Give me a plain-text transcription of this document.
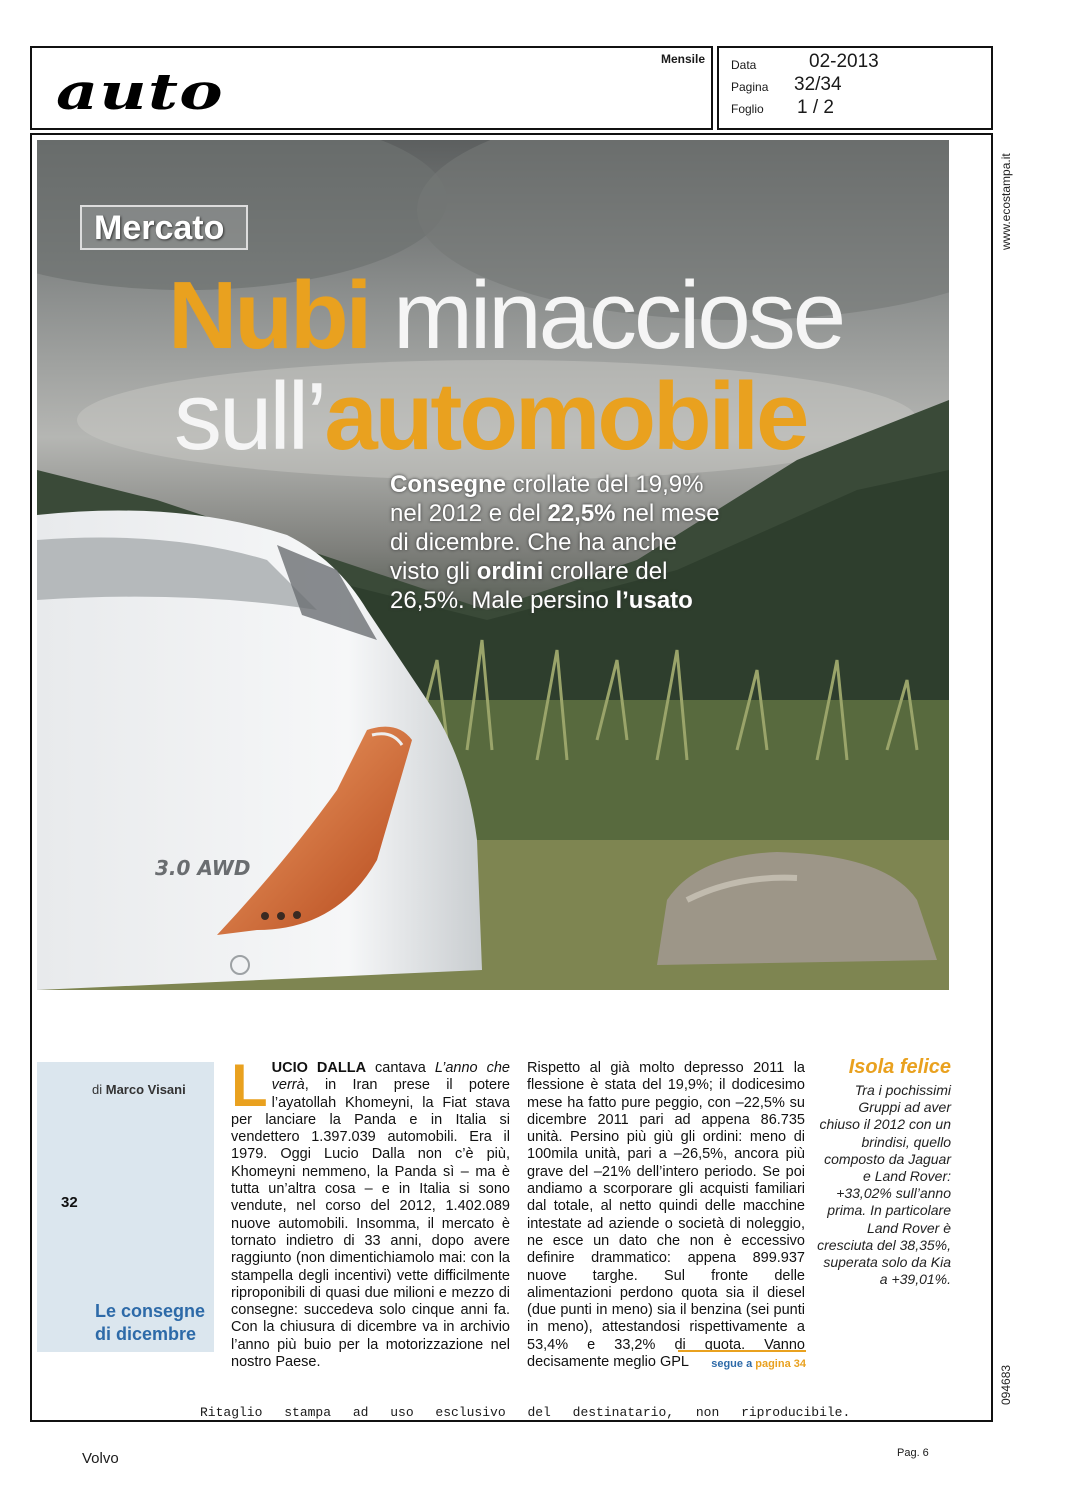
auto
Mensile Data	02-2013
Pagina 32/34
Foglio 1 / 2
www.ecostampa.it
094683
3.0 AWD
Mercato
Nubi minacciose
sull’automobile
Consegne crollate del 19,9%
nel 2012 e del 22,5% nel mese
di dicembre. Che ha anche
visto gli ordini crollare del
26,5%. Male persino l’usato
di Marco Visani
32
Le consegne di dicembre
LUCIO DALLA cantava L’anno che verrà, in Iran prese il potere l’ayatollah Khomeyni, la Fiat stava per lanciare la Panda e in Italia si vendettero 1.397.039 automobili. Era il 1979. Oggi Lucio Dalla non c’è più, Khomeyni nemmeno, la Panda sì – ma è tutta un’altra cosa – e in Italia si sono vendute, nel corso del 2012, 1.402.089 nuove automobili. Insomma, il mercato è tornato indietro di 33 anni, dopo avere raggiunto (non dimentichiamolo mai: con la stampella degli incentivi) vette difficilmente riproponibili di quasi due milioni e mezzo di consegne: succedeva solo cinque anni fa. Con la chiusura di dicembre va in archivio l’anno più buio per la motorizzazione nel nostro Paese.
Rispetto al già molto depresso 2011 la flessione è stata del 19,9%; il dodicesimo mese ha fatto pure peggio, con –22,5% su dicembre 2011 pari ad appena 86.735 unità. Persino più giù gli ordini: meno di 100mila unità, pari a –26,5%, ancora più grave del –21% dell’intero periodo. Se poi andiamo a scorporare gli acquisti familiari dal totale, al netto quindi delle macchine intestate ad aziende o società di noleggio, ne esce un dato che non è eccessivo definire drammatico: appena 899.937 nuove targhe. Sul fronte delle alimentazioni perdono quota sia il diesel (due punti in meno) sia il benzina (sei punti in meno), attestandosi rispettivamente a 53,4% e 33,2% di quota. Vanno decisamente meglio GPL	segue a pagina 34
Isola felice
Tra i pochissimi Gruppi ad aver chiuso il 2012 con un brindisi, quello composto da Jaguar e Land Rover: +33,02% sull’anno prima. In particolare Land Rover è cresciuta del 38,35%, superata solo da Kia a +39,01%.
Ritaglio stampa ad uso esclusivo del destinatario, non riproducibile.
Volvo	Pag. 6
